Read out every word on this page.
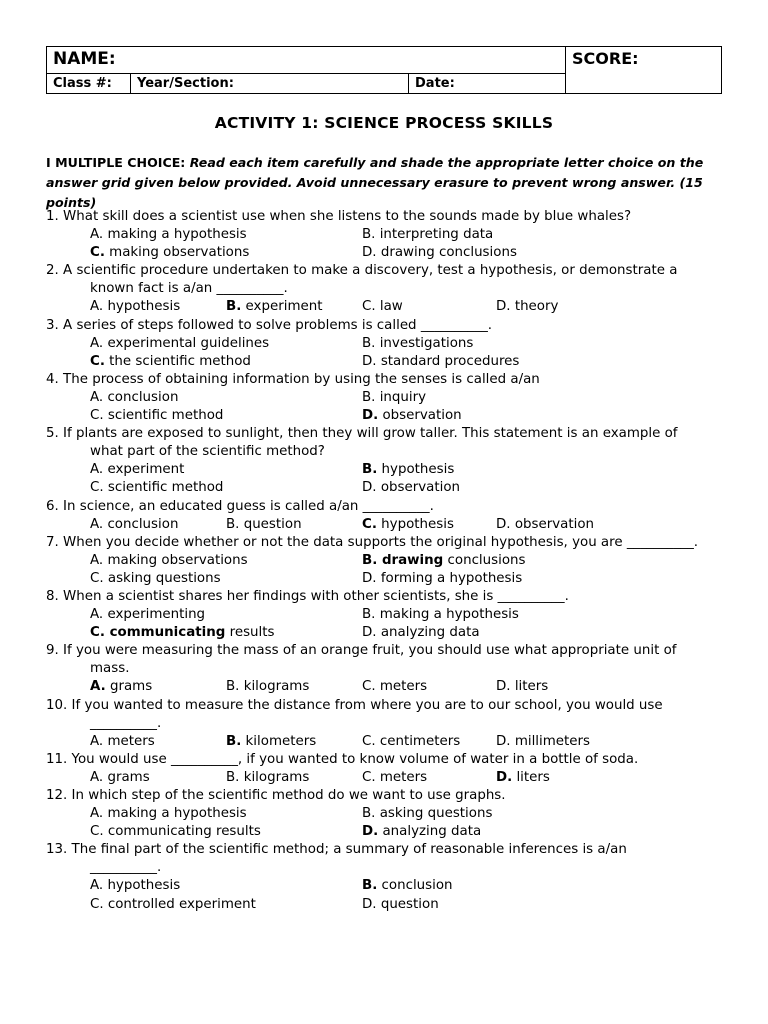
NAME:			SCORE:
Class #:	Year/Section:	Date:	
ACTIVITY 1: SCIENCE PROCESS SKILLS
I MULTIPLE CHOICE: Read each item carefully and shade the appropriate letter choice on the answer grid given below provided. Avoid unnecessary erasure to prevent wrong answer. (15 points)
1. What skill does a scientist use when she listens to the sounds made by blue whales?
A. making a hypothesis	B. interpreting data
C. making observations	D. drawing conclusions
2. A scientific procedure undertaken to make a discovery, test a hypothesis, or demonstrate a
known fact is a/an __________.
A. hypothesis	B. experiment	C. law	D. theory
3. A series of steps followed to solve problems is called __________.
A. experimental guidelines	B. investigations
C. the scientific method	D. standard procedures
4. The process of obtaining information by using the senses is called a/an
A. conclusion	B. inquiry
C. scientific method	D. observation
5. If plants are exposed to sunlight, then they will grow taller. This statement is an example of
what part of the scientific method?
A. experiment	B. hypothesis
C. scientific method	D. observation
6. In science, an educated guess is called a/an __________.
A. conclusion	B. question	C. hypothesis	D. observation
7. When you decide whether or not the data supports the original hypothesis, you are __________.
A. making observations	B. drawing conclusions
C. asking questions	D. forming a hypothesis
8. When a scientist shares her findings with other scientists, she is __________.
A. experimenting	B. making a hypothesis
C. communicating results	D. analyzing data
9. If you were measuring the mass of an orange fruit, you should use what appropriate unit of
mass.
A. grams	B. kilograms	C. meters	D. liters
10. If you wanted to measure the distance from where you are to our school, you would use
__________.
A. meters	B. kilometers	C. centimeters	D. millimeters
11. You would use __________, if you wanted to know volume of water in a bottle of soda.
A. grams	B. kilograms	C. meters	D. liters
12. In which step of the scientific method do we want to use graphs.
A. making a hypothesis	B. asking questions
C. communicating results	D. analyzing data
13. The final part of the scientific method; a summary of reasonable inferences is a/an
__________.
A. hypothesis	B. conclusion
C. controlled experiment	D. question
